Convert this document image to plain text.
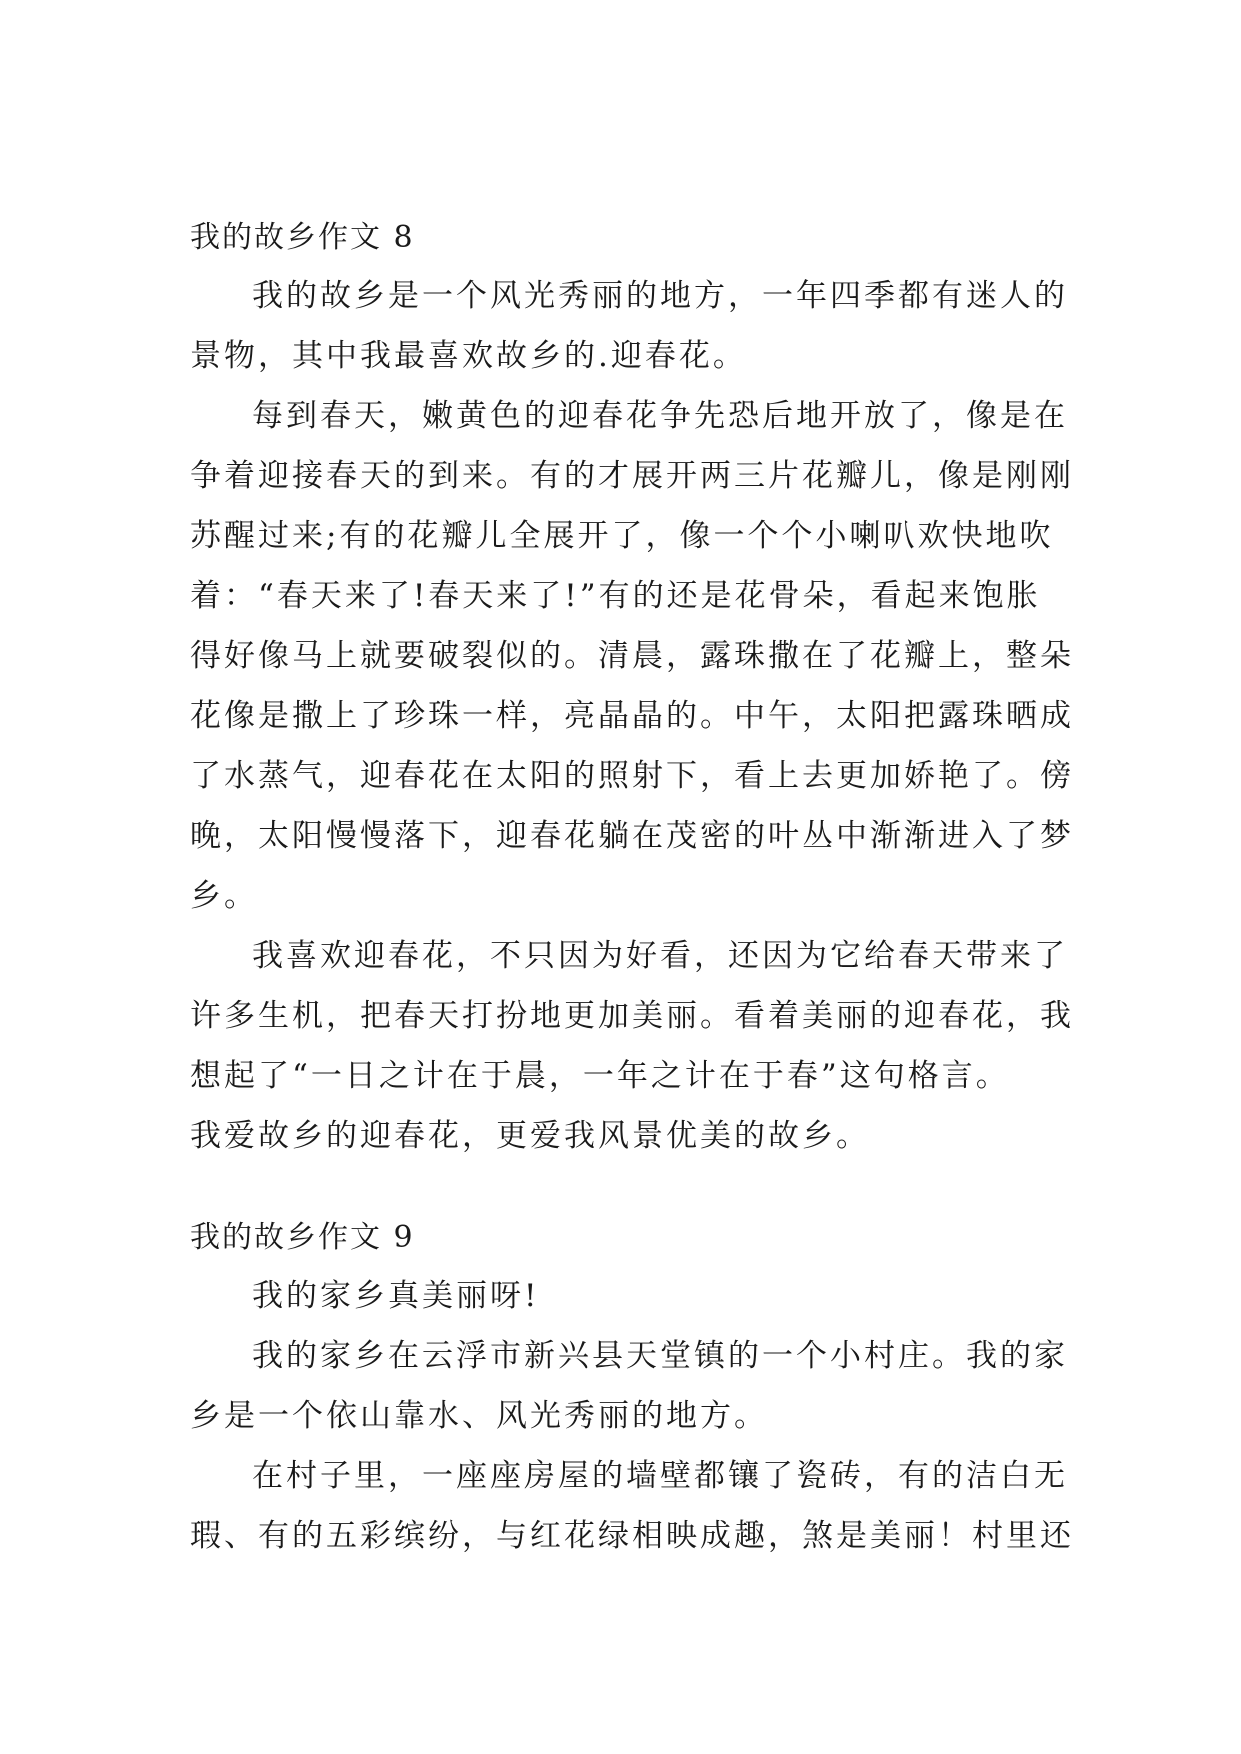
我的故乡作文 8

我的故乡是一个风光秀丽的地方，一年四季都有迷人的
景物，其中我最喜欢故乡的.迎春花。

每到春天，嫩黄色的迎春花争先恐后地开放了，像是在
争着迎接春天的到来。有的才展开两三片花瓣儿，像是刚刚
苏醒过来;有的花瓣儿全展开了，像一个个小喇叭欢快地吹
着：“春天来了!春天来了!”有的还是花骨朵，看起来饱胀
得好像马上就要破裂似的。清晨，露珠撒在了花瓣上，整朵
花像是撒上了珍珠一样，亮晶晶的。中午，太阳把露珠晒成
了水蒸气，迎春花在太阳的照射下，看上去更加娇艳了。傍
晚，太阳慢慢落下，迎春花躺在茂密的叶丛中渐渐进入了梦
乡。

我喜欢迎春花，不只因为好看，还因为它给春天带来了
许多生机，把春天打扮地更加美丽。看着美丽的迎春花，我
想起了“一日之计在于晨，一年之计在于春”这句格言。
我爱故乡的迎春花，更爱我风景优美的故乡。

我的故乡作文 9

我的家乡真美丽呀!

我的家乡在云浮市新兴县天堂镇的一个小村庄。我的家
乡是一个依山靠水、风光秀丽的地方。

在村子里，一座座房屋的墙壁都镶了瓷砖，有的洁白无
瑕、有的五彩缤纷，与红花绿相映成趣，煞是美丽！村里还
